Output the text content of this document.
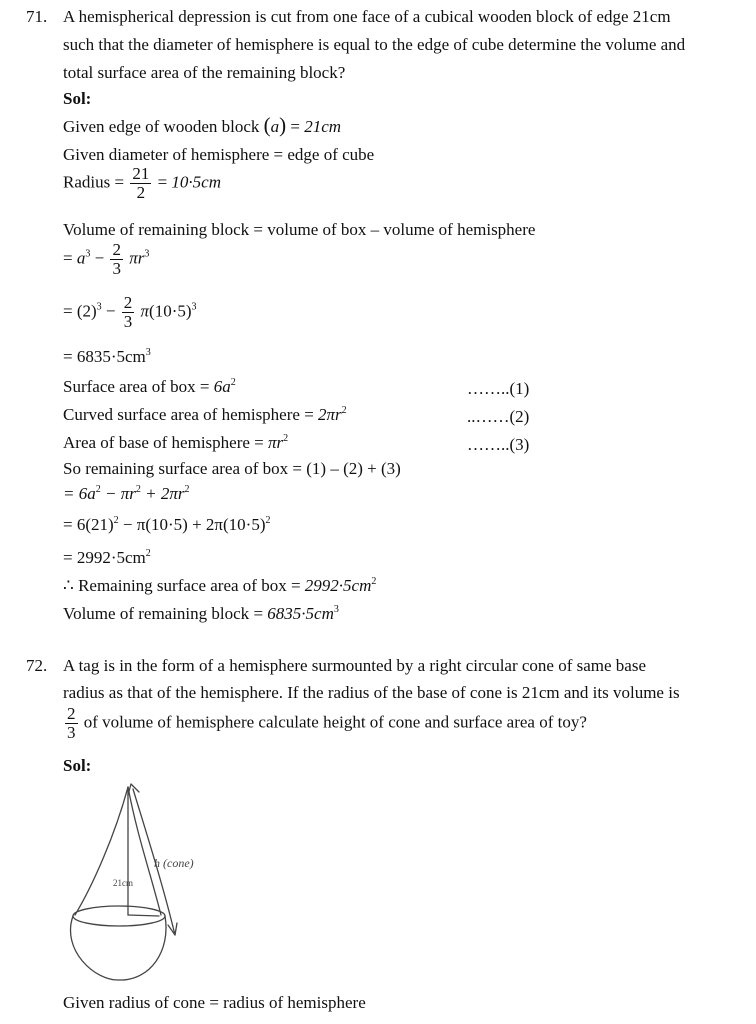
71. A hemispherical depression is cut from one face of a cubical wooden block of edge 21cm
such that the diameter of hemisphere is equal to the edge of cube determine the volume and
total surface area of the remaining block?
Sol:
Given edge of wooden block (a) = 21cm
Given diameter of hemisphere = edge of cube
Radius = $\frac{21}{2} = 10\cdot 5cm$
Volume of remaining block = volume of box – volume of hemisphere
= $a^3 - \frac{2}{3} \pi r^3$
= $(2)^3 - \frac{2}{3} \pi(10\cdot 5)^3$
= $6835\cdot 5cm^3$
Surface area of box = $6a^2$	……..(1)
Curved surface area of hemisphere = $2\pi r^2$	..……(2)
Area of base of hemisphere = $\pi r^2$	……..(3)
So remaining surface area of box = (1) – (2) + (3)
= $6a^2 - \pi r^2 + 2\pi r^2$
= $6(21)^2 - \pi(10\cdot 5) + 2\pi(10\cdot 5)^2$
= $2992\cdot 5cm^2$
∴ Remaining surface area of box = $2992\cdot 5cm^2$
Volume of remaining block = $6835\cdot 5cm^3$
72. A tag is in the form of a hemisphere surmounted by a right circular cone of same base
radius as that of the hemisphere. If the radius of the base of cone is 21cm and its volume is
$\frac{2}{3}$ of volume of hemisphere calculate height of cone and surface area of toy?
Sol:
21cm
h (cone)
Given radius of cone = radius of hemisphere
